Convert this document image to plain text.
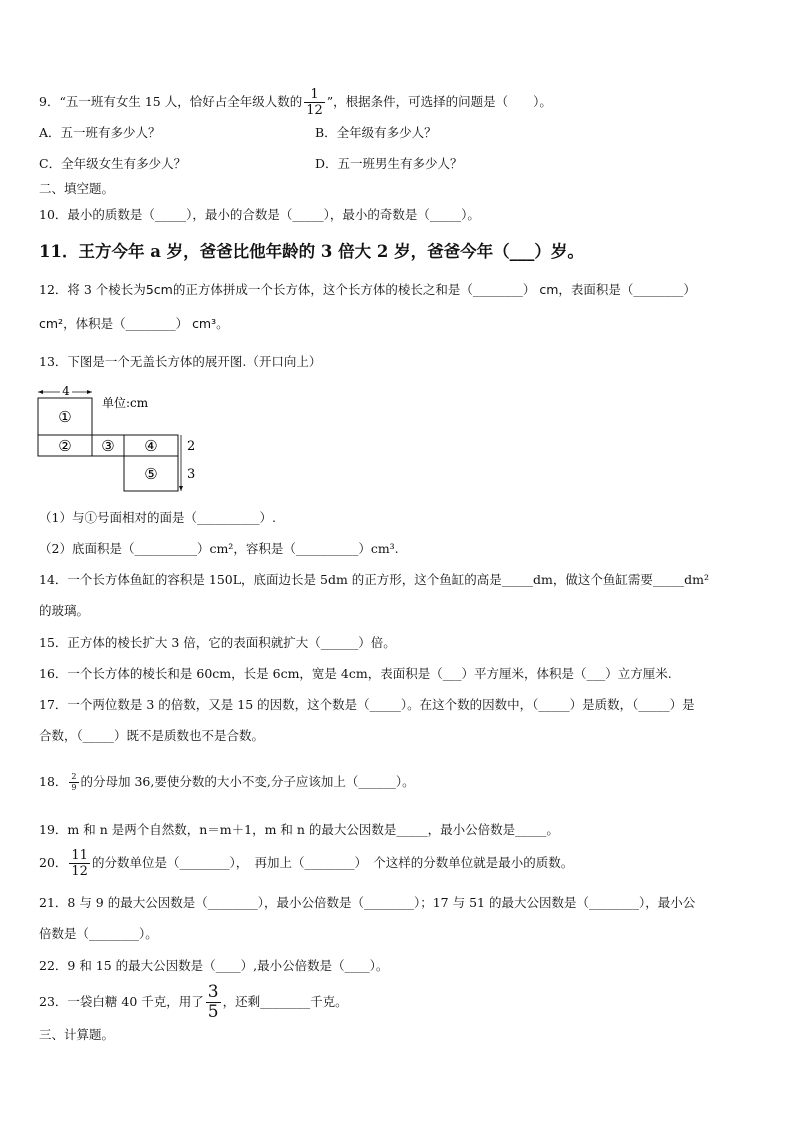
9．“五一班有女生 15 人，恰好占全年级人数的 $\frac{1}{12}$ ”，根据条件，可选择的问题是（　　）。
A．五一班有多少人？	B．全年级有多少人？
C．全年级女生有多少人？	D．五一班男生有多少人？
二、填空题。
10．最小的质数是（_____），最小的合数是（_____），最小的奇数是（_____）。
11．王方今年 a 岁，爸爸比他年龄的 3 倍大 2 岁，爸爸今年（___）岁。
12．将 3 个棱长为5cm的正方体拼成一个长方体，这个长方体的棱长之和是（________） cm，表面积是（________）
cm²，体积是（________） cm³。
13．下图是一个无盖长方体的展开图.（开口向上）
4
单位:cm
①
② ③ ④
⑤
2
3
（1）与①号面相对的面是（__________）.
（2）底面积是（__________）cm²，容积是（__________）cm³.
14．一个长方体鱼缸的容积是 150L，底面边长是 5dm 的正方形，这个鱼缸的高是_____dm，做这个鱼缸需要_____dm²
的玻璃。
15．正方体的棱长扩大 3 倍，它的表面积就扩大（______）倍。
16．一个长方体的棱长和是 60cm，长是 6cm，宽是 4cm，表面积是（___）平方厘米，体积是（___）立方厘米.
17．一个两位数是 3 的倍数，又是 15 的因数，这个数是（_____）。在这个数的因数中，（_____）是质数，（_____）是
合数，（_____）既不是质数也不是合数。
18． $\frac{2}{9}$ 的分母加 36,要使分数的大小不变,分子应该加上（______）。
19．m 和 n 是两个自然数，n＝m＋1，m 和 n 的最大公因数是_____，最小公倍数是_____。
20． $\frac{11}{12}$ 的分数单位是（________），　再加上（________）　个这样的分数单位就是最小的质数。
21．8 与 9 的最大公因数是（________），最小公倍数是（________）；17 与 51 的最大公因数是（________），最小公
倍数是（________）。
22．9 和 15 的最大公因数是（____）,最小公倍数是（____）。
23．一袋白糖 40 千克，用了 $\frac{3}{5}$ ，还剩________千克。
三、计算题。
